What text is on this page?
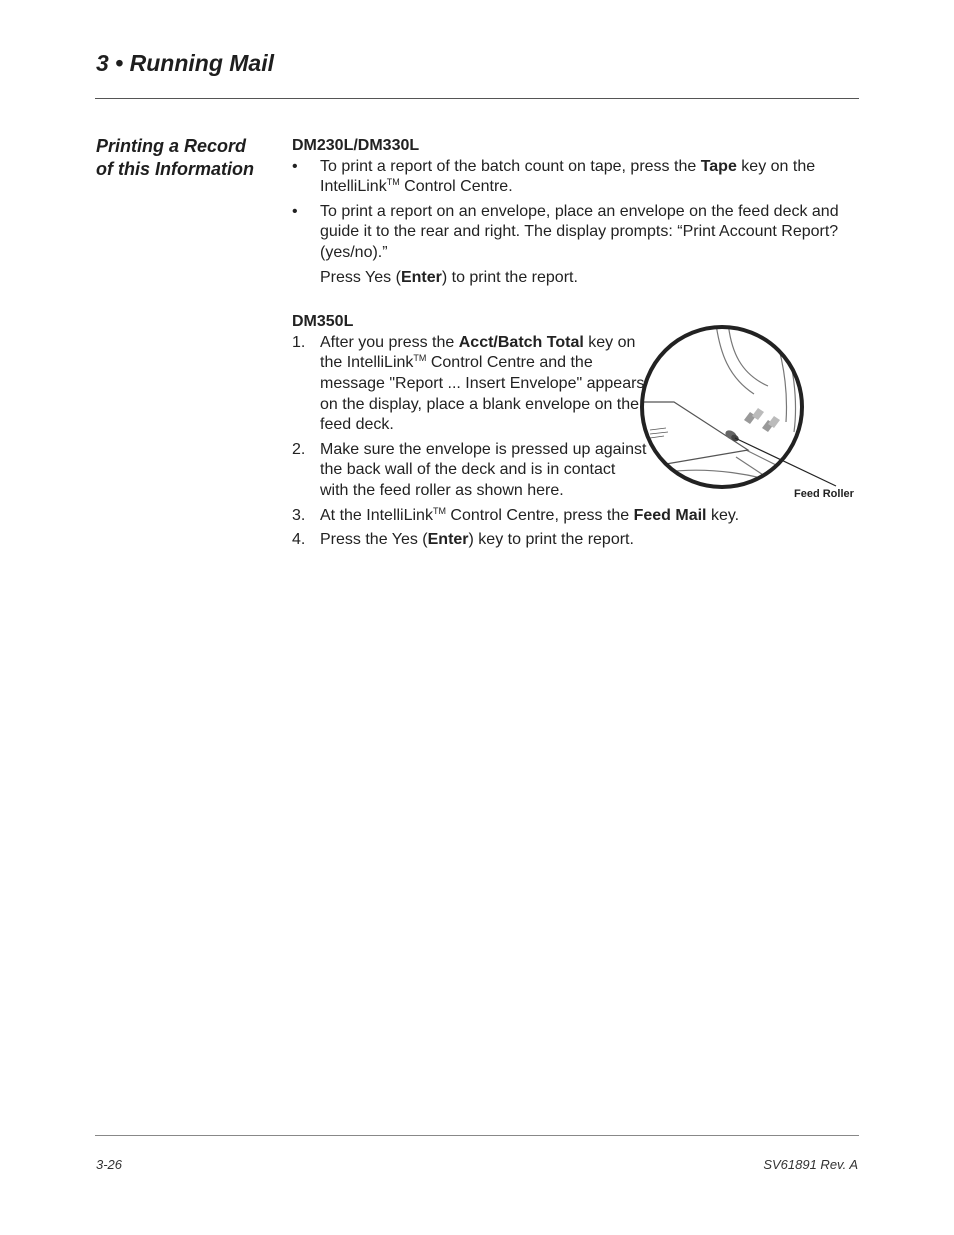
3 • Running Mail
Printing a Record of this Information

DM230L/DM330L

• To print a report of the batch count on tape, press the Tape key on the IntelliLink™ Control Centre.
• To print a report on an envelope, place an envelope on the feed deck and guide it to the rear and right. The display prompts: “Print Account Report? (yes/no).”

Press Yes (Enter) to print the report.

DM350L

1. After you press the Acct/Batch Total key on the IntelliLink™ Control Centre and the message "Report ... Insert Envelope" appears on the display, place a blank envelope on the feed deck.
2. Make sure the envelope is pressed up against the back wall of the deck and is in contact with the feed roller as shown here.
3. At the IntelliLink™ Control Centre, press the Feed Mail key.
4. Press the Yes (Enter) key to print the report.
Feed Roller
3-26	SV61891 Rev. A
